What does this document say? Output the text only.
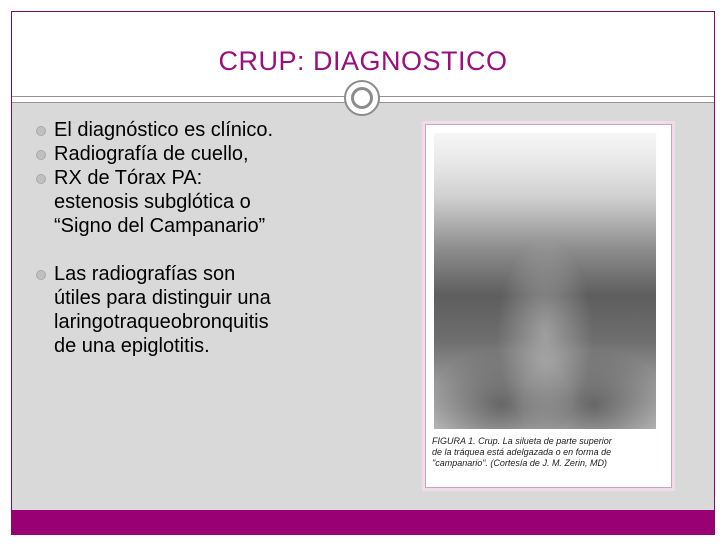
CRUP: DIAGNOSTICO
El diagnóstico es clínico.
Radiografía de cuello,
RX de Tórax PA:
estenosis subglótica o
“Signo del Campanario”
Las radiografías son
útiles para distinguir una
laringotraqueobronquitis
de una epiglotitis.
FIGURA 1. Crup. La silueta de parte superior
de la tráquea está adelgazada o en forma de
"campanario". (Cortesía de J. M. Zerin, MD)
